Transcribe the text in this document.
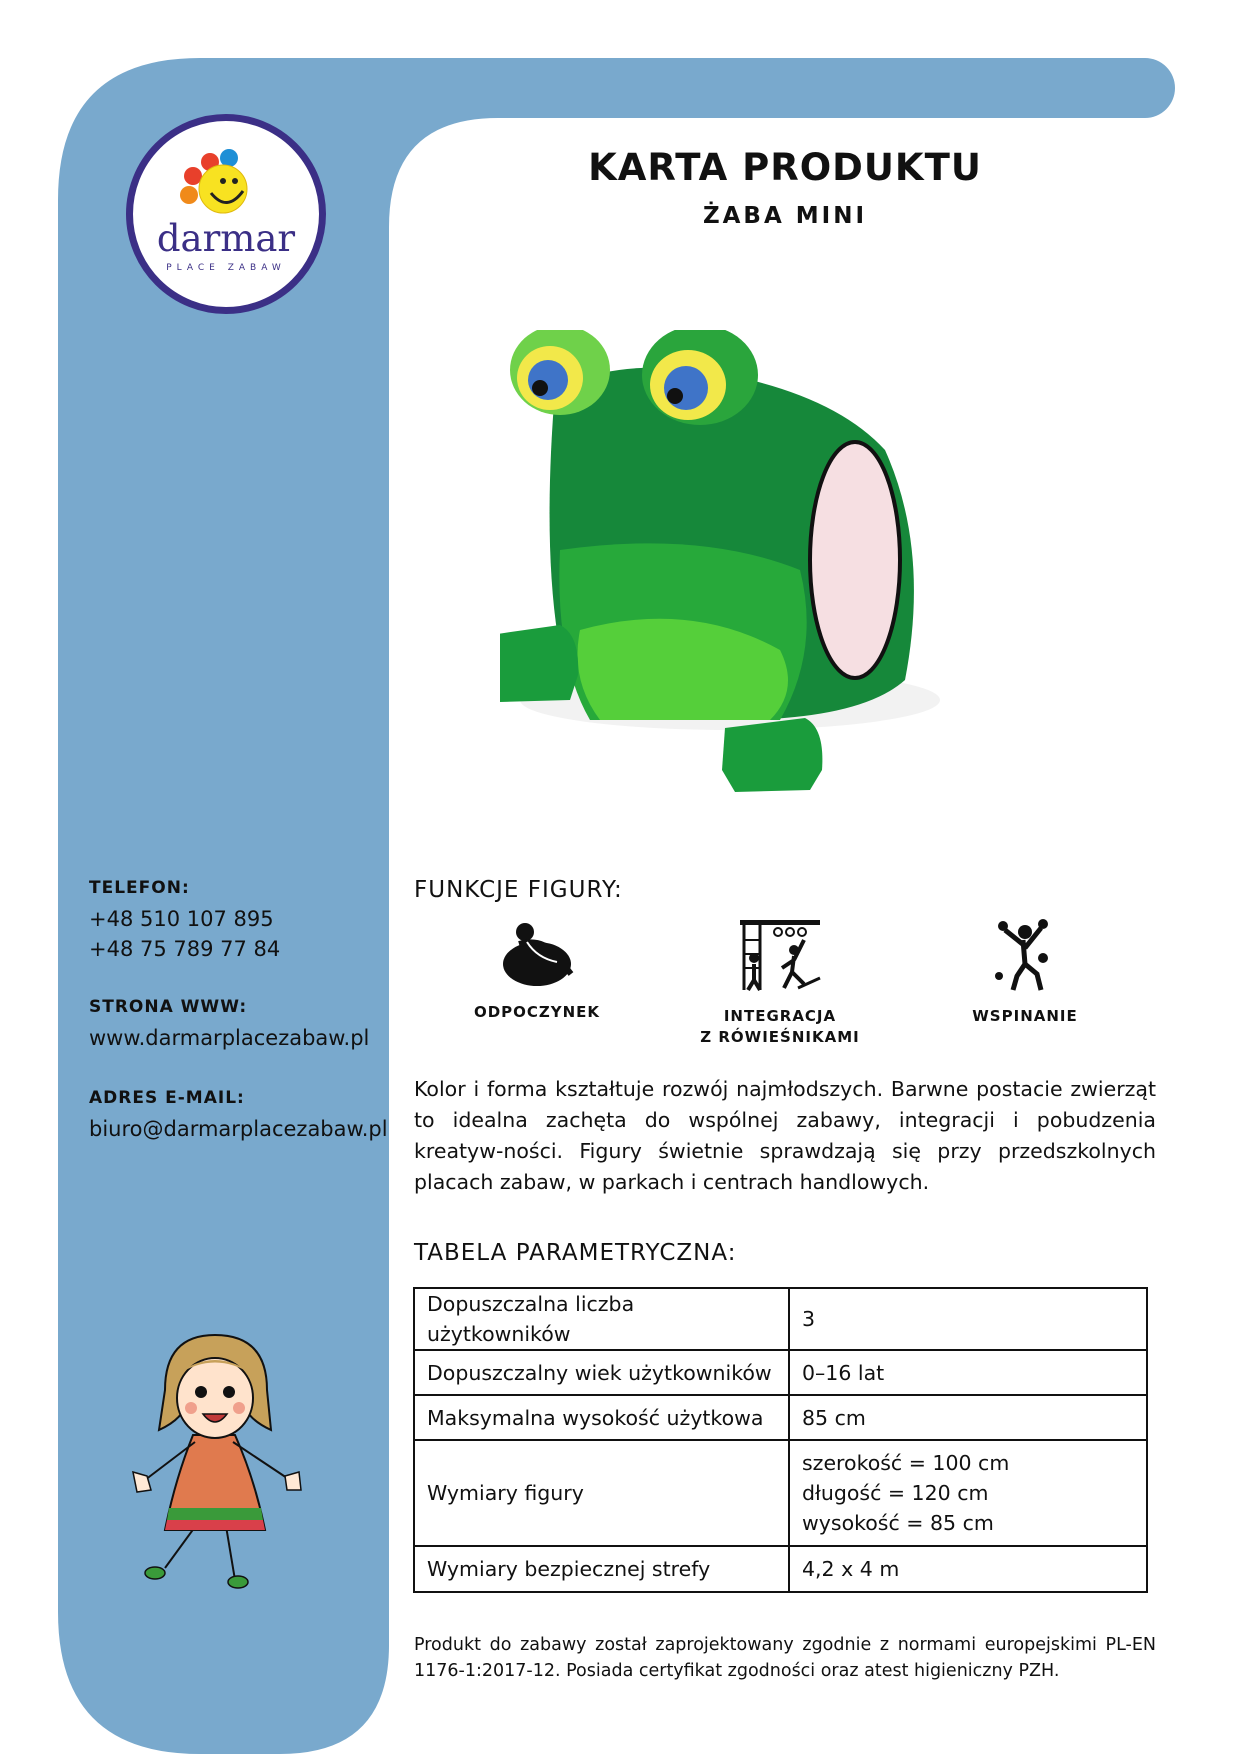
darmar
PLACE ZABAW
KARTA PRODUKTU
ŻABA MINI
TELEFON:
+48 510 107 895
+48 75 789 77 84
STRONA WWW:
www.darmarplacezabaw.pl
ADRES E-MAIL:
biuro@darmarplacezabaw.pl
FUNKCJE FIGURY:
ODPOCZYNEK	INTEGRACJA
Z RÓWIEŚNIKAMI
WSPINANIE
Kolor i forma kształtuje rozwój najmłodszych. Barwne postacie zwierząt to idealna zachęta do wspólnej zabawy, integracji i pobudzenia kreatyw-ności. Figury świetnie sprawdzają się przy przedszkolnych placach zabaw, w parkach i centrach handlowych.
TABELA PARAMETRYCZNA:
Dopuszczalna liczba użytkowników	3
Dopuszczalny wiek użytkowników	0–16 lat
Maksymalna wysokość użytkowa	85 cm
Wymiary figury	szerokość = 100 cm
długość = 120 cm
wysokość = 85 cm

Wymiary bezpiecznej strefy	4,2 x 4 m
Produkt do zabawy został zaprojektowany zgodnie z normami europejskimi PL-EN 1176-1:2017-12. Posiada certyfikat zgodności oraz atest higieniczny PZH.
